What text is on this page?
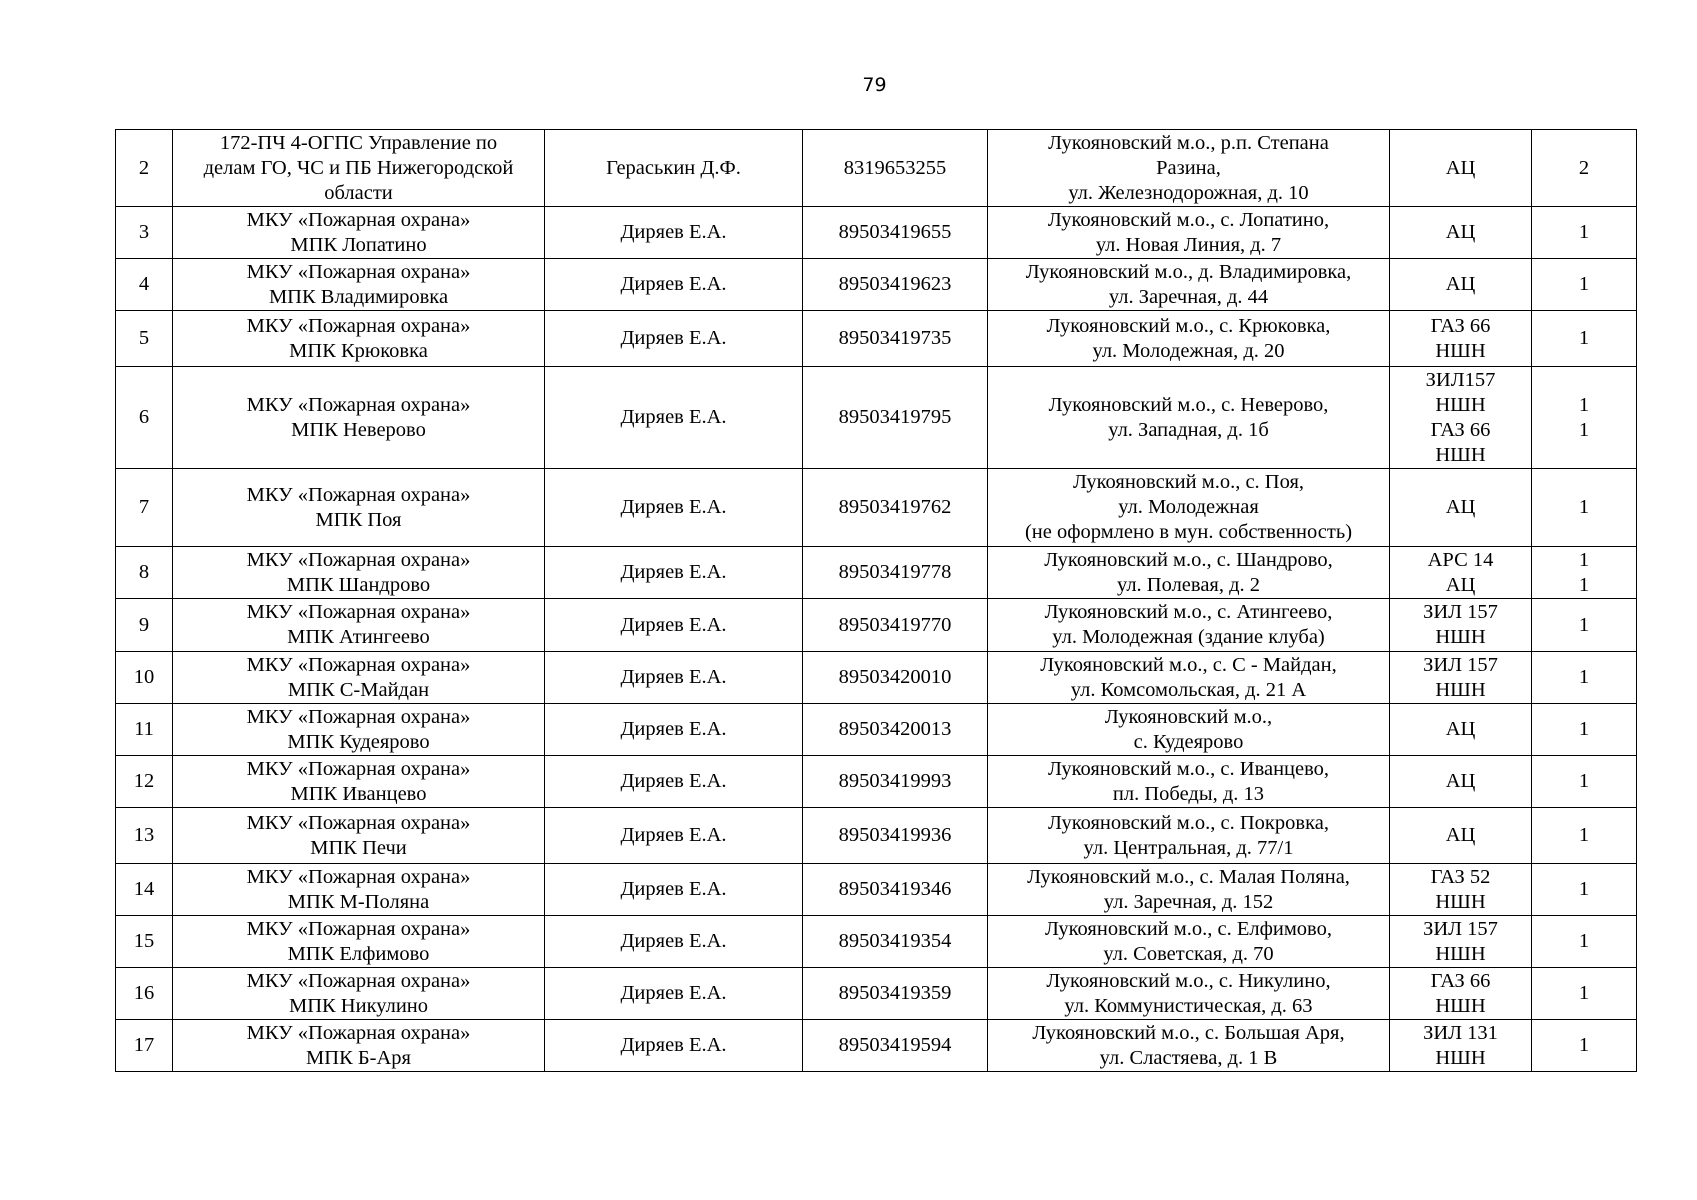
79
2	172-ПЧ 4-ОГПС Управление по
делам ГО, ЧС и ПБ Нижегородской
области	Гераськин Д.Ф.	8319653255	Лукояновский м.о., р.п. Степана
Разина,
ул. Железнодорожная, д. 10	АЦ	2
3	МКУ «Пожарная охрана»
МПК Лопатино	Диряев Е.А.	89503419655	Лукояновский м.о., с. Лопатино,
ул. Новая Линия, д. 7	АЦ	1
4	МКУ «Пожарная охрана»
МПК Владимировка	Диряев Е.А.	89503419623	Лукояновский м.о., д. Владимировка,
ул. Заречная, д. 44	АЦ	1
5	МКУ «Пожарная охрана»
МПК Крюковка	Диряев Е.А.	89503419735	Лукояновский м.о., с. Крюковка,
ул. Молодежная, д. 20	ГАЗ 66
НШН	1
6	МКУ «Пожарная охрана»
МПК Неверово	Диряев Е.А.	89503419795	Лукояновский м.о., с. Неверово,
ул. Западная, д. 1б	ЗИЛ157
НШН
ГАЗ 66
НШН	1
1
7	МКУ «Пожарная охрана»
МПК Поя	Диряев Е.А.	89503419762	Лукояновский м.о., с. Поя,
ул. Молодежная
(не оформлено в мун. собственность)	АЦ	1
8	МКУ «Пожарная охрана»
МПК Шандрово	Диряев Е.А.	89503419778	Лукояновский м.о., с. Шандрово,
ул. Полевая, д. 2	АРС 14
АЦ	1
1
9	МКУ «Пожарная охрана»
МПК Атингеево	Диряев Е.А.	89503419770	Лукояновский м.о., с. Атингеево,
ул. Молодежная (здание клуба)	ЗИЛ 157
НШН	1
10	МКУ «Пожарная охрана»
МПК С-Майдан	Диряев Е.А.	89503420010	Лукояновский м.о., с. С - Майдан,
ул. Комсомольская, д. 21 А	ЗИЛ 157
НШН	1
11	МКУ «Пожарная охрана»
МПК Кудеярово	Диряев Е.А.	89503420013	Лукояновский м.о.,
с. Кудеярово	АЦ	1
12	МКУ «Пожарная охрана»
МПК Иванцево	Диряев Е.А.	89503419993	Лукояновский м.о., с. Иванцево,
пл. Победы, д. 13	АЦ	1
13	МКУ «Пожарная охрана»
МПК Печи	Диряев Е.А.	89503419936	Лукояновский м.о., с. Покровка,
ул. Центральная, д. 77/1	АЦ	1
14	МКУ «Пожарная охрана»
МПК М-Поляна	Диряев Е.А.	89503419346	Лукояновский м.о., с. Малая Поляна,
ул. Заречная, д. 152	ГАЗ 52
НШН	1
15	МКУ «Пожарная охрана»
МПК Елфимово	Диряев Е.А.	89503419354	Лукояновский м.о., с. Елфимово,
ул. Советская, д. 70	ЗИЛ 157
НШН	1
16	МКУ «Пожарная охрана»
МПК Никулино	Диряев Е.А.	89503419359	Лукояновский м.о., с. Никулино,
ул. Коммунистическая, д. 63	ГАЗ 66
НШН	1
17	МКУ «Пожарная охрана»
МПК Б-Аря	Диряев Е.А.	89503419594	Лукояновский м.о., с. Большая Аря,
ул. Сластяева, д. 1 В	ЗИЛ 131
НШН	1
